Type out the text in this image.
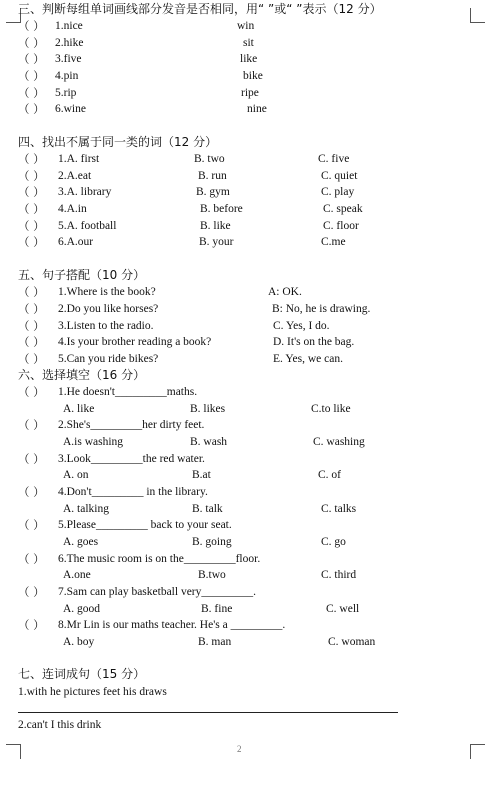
三、判断每组单词画线部分发音是否相同，用“ ”或“ ”表示（12 分）
（ ） 1.nice	win
（ ） 2.hike	sit
（ ） 3.five	like
（ ） 4.pin	bike
（ ） 5.rip	ripe
（ ） 6.wine	nine
四、找出不属于同一类的词（12 分）
（ ） 1.A. first	B. two	C. five
（ ） 2.A.eat	B. run	C. quiet
（ ） 3.A. library	B. gym	C. play
（ ） 4.A.in	B. before	C. speak
（ ） 5.A. football	B. like	C. floor
（ ） 6.A.our	B. your	C.me
五、句子搭配（10 分）
（ ） 1.Where is the book?	A: OK.
（ ） 2.Do you like horses?	B: No, he is drawing.
（ ） 3.Listen to the radio.	C. Yes, I do.
（ ） 4.Is your brother reading a book?	D. It's on the bag.
（ ） 5.Can you ride bikes?	E. Yes, we can.
六、选择填空（16 分）
（ ） 1.He doesn't_________maths.
A. like	B. likes	C.to like
（ ） 2.She's_________her dirty feet.
A.is washing	B. wash	C. washing
（ ） 3.Look_________the red water.
A. on	B.at	C. of
（ ） 4.Don't_________ in the library.
A. talking	B. talk	C. talks
（ ） 5.Please_________ back to your seat.
A. goes	B. going	C. go
（ ） 6.The music room is on the_________floor.
A.one	B.two	C. third
（ ） 7.Sam can play basketball very_________.
A. good	B. fine	C. well
（ ） 8.Mr Lin is our maths teacher. He's a _________.
A. boy	B. man	C. woman
七、连词成句（15 分）
1.with he pictures feet his draws
2.can't I this drink
2
